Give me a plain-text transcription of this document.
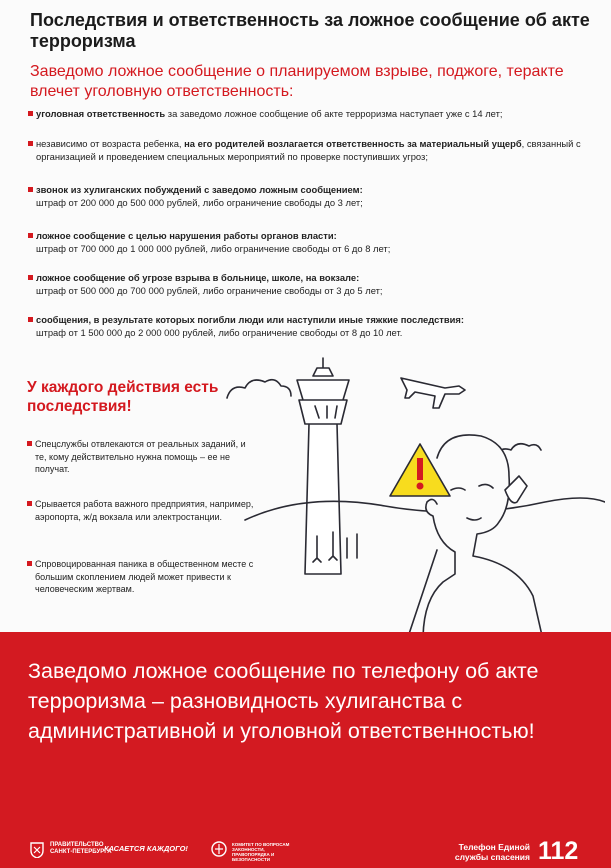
Последствия и ответственность за ложное сообщение об акте терроризма
Заведомо ложное сообщение о планируемом взрыве, поджоге, теракте влечет уголовную ответственность:
уголовная ответственность за заведомо ложное сообщение об акте терроризма наступает уже с 14 лет;
независимо от возраста ребенка, на его родителей возлагается ответственность за материальный ущерб, связанный с организацией и проведением специальных мероприятий по проверке поступивших угроз;
звонок из хулиганских побуждений с заведомо ложным сообщением:
штраф от 200 000 до 500 000 рублей, либо ограничение свободы до 3 лет;
ложное сообщение с целью нарушения работы органов власти:
штраф от 700 000 до 1 000 000 рублей, либо ограничение свободы от 6 до 8 лет;
ложное сообщение об угрозе взрыва в больнице, школе, на вокзале:
штраф от 500 000 до 700 000 рублей, либо ограничение свободы от 3 до 5 лет;
сообщения, в результате которых погибли люди или наступили иные тяжкие последствия:
штраф от 1 500 000 до 2 000 000 рублей, либо ограничение свободы от 8 до 10 лет.
У каждого действия есть последствия!
Спецслужбы отвлекаются от реальных заданий, и те, кому действительно нужна помощь – ее не получат.
Срывается работа важного предприятия, например, аэропорта, ж/д вокзала или электростанции.
Спровоцированная паника в общественном месте с большим скоплением людей может привести к человеческим жертвам.
Заведомо ложное сообщение по телефону об акте терроризма – разновидность хулиганства с административной и уголовной ответственностью!
ПРАВИТЕЛЬСТВО САНКТ-ПЕТЕРБУРГА
КАСАЕТСЯ КАЖДОГО!	КОМИТЕТ ПО ВОПРОСАМ ЗАКОННОСТИ, ПРАВОПОРЯДКА И БЕЗОПАСНОСТИ
Телефон Единой службы спасения 112
